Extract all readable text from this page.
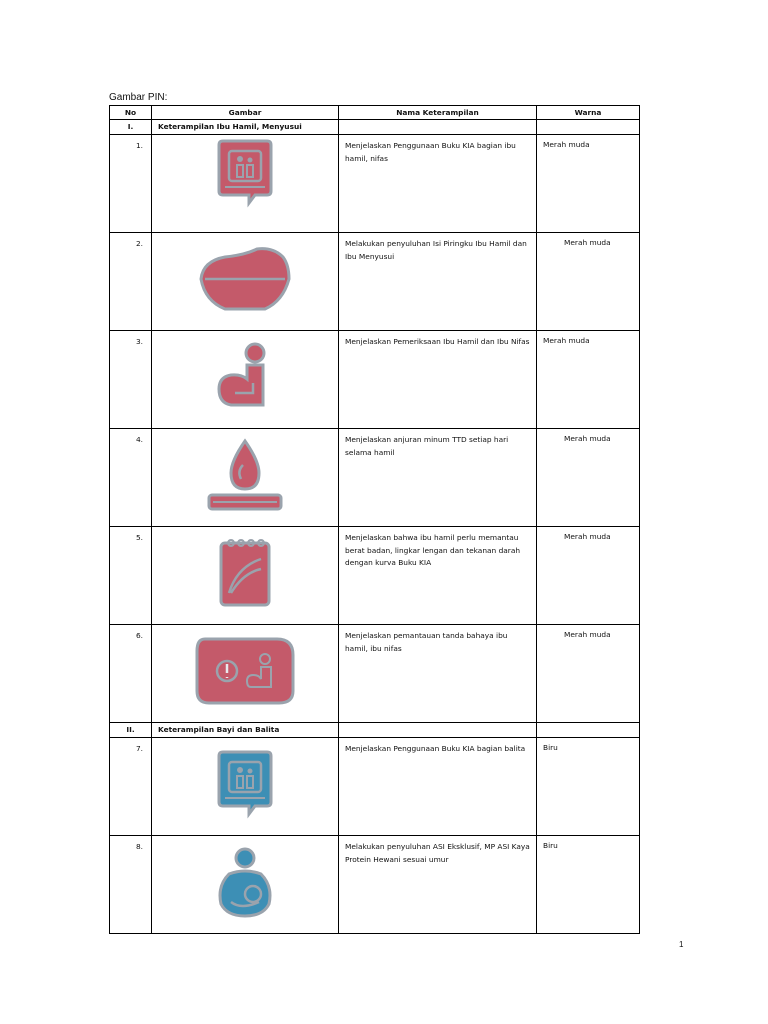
Gambar PIN:
No	Gambar	Nama Keterampilan	Warna
I.	Keterampilan Ibu Hamil, Menyusui		
1.		Menjelaskan Penggunaan Buku KIA bagian ibu hamil, nifas	Merah muda
2.		Melakukan penyuluhan Isi Piringku Ibu Hamil dan Ibu Menyusui	Merah muda
3.		Menjelaskan Pemeriksaan Ibu Hamil dan Ibu Nifas	Merah muda
4.		Menjelaskan anjuran minum TTD setiap hari selama hamil	Merah muda
5.		Menjelaskan bahwa ibu hamil perlu memantau berat badan, lingkar lengan dan tekanan darah dengan kurva Buku KIA	Merah muda
6.		Menjelaskan pemantauan tanda bahaya ibu hamil, ibu nifas	Merah muda
II.	Keterampilan Bayi dan Balita		
7.		Menjelaskan Penggunaan Buku KIA bagian balita	Biru
8.		Melakukan penyuluhan ASI Eksklusif, MP ASI Kaya Protein Hewani sesuai umur	Biru
1
